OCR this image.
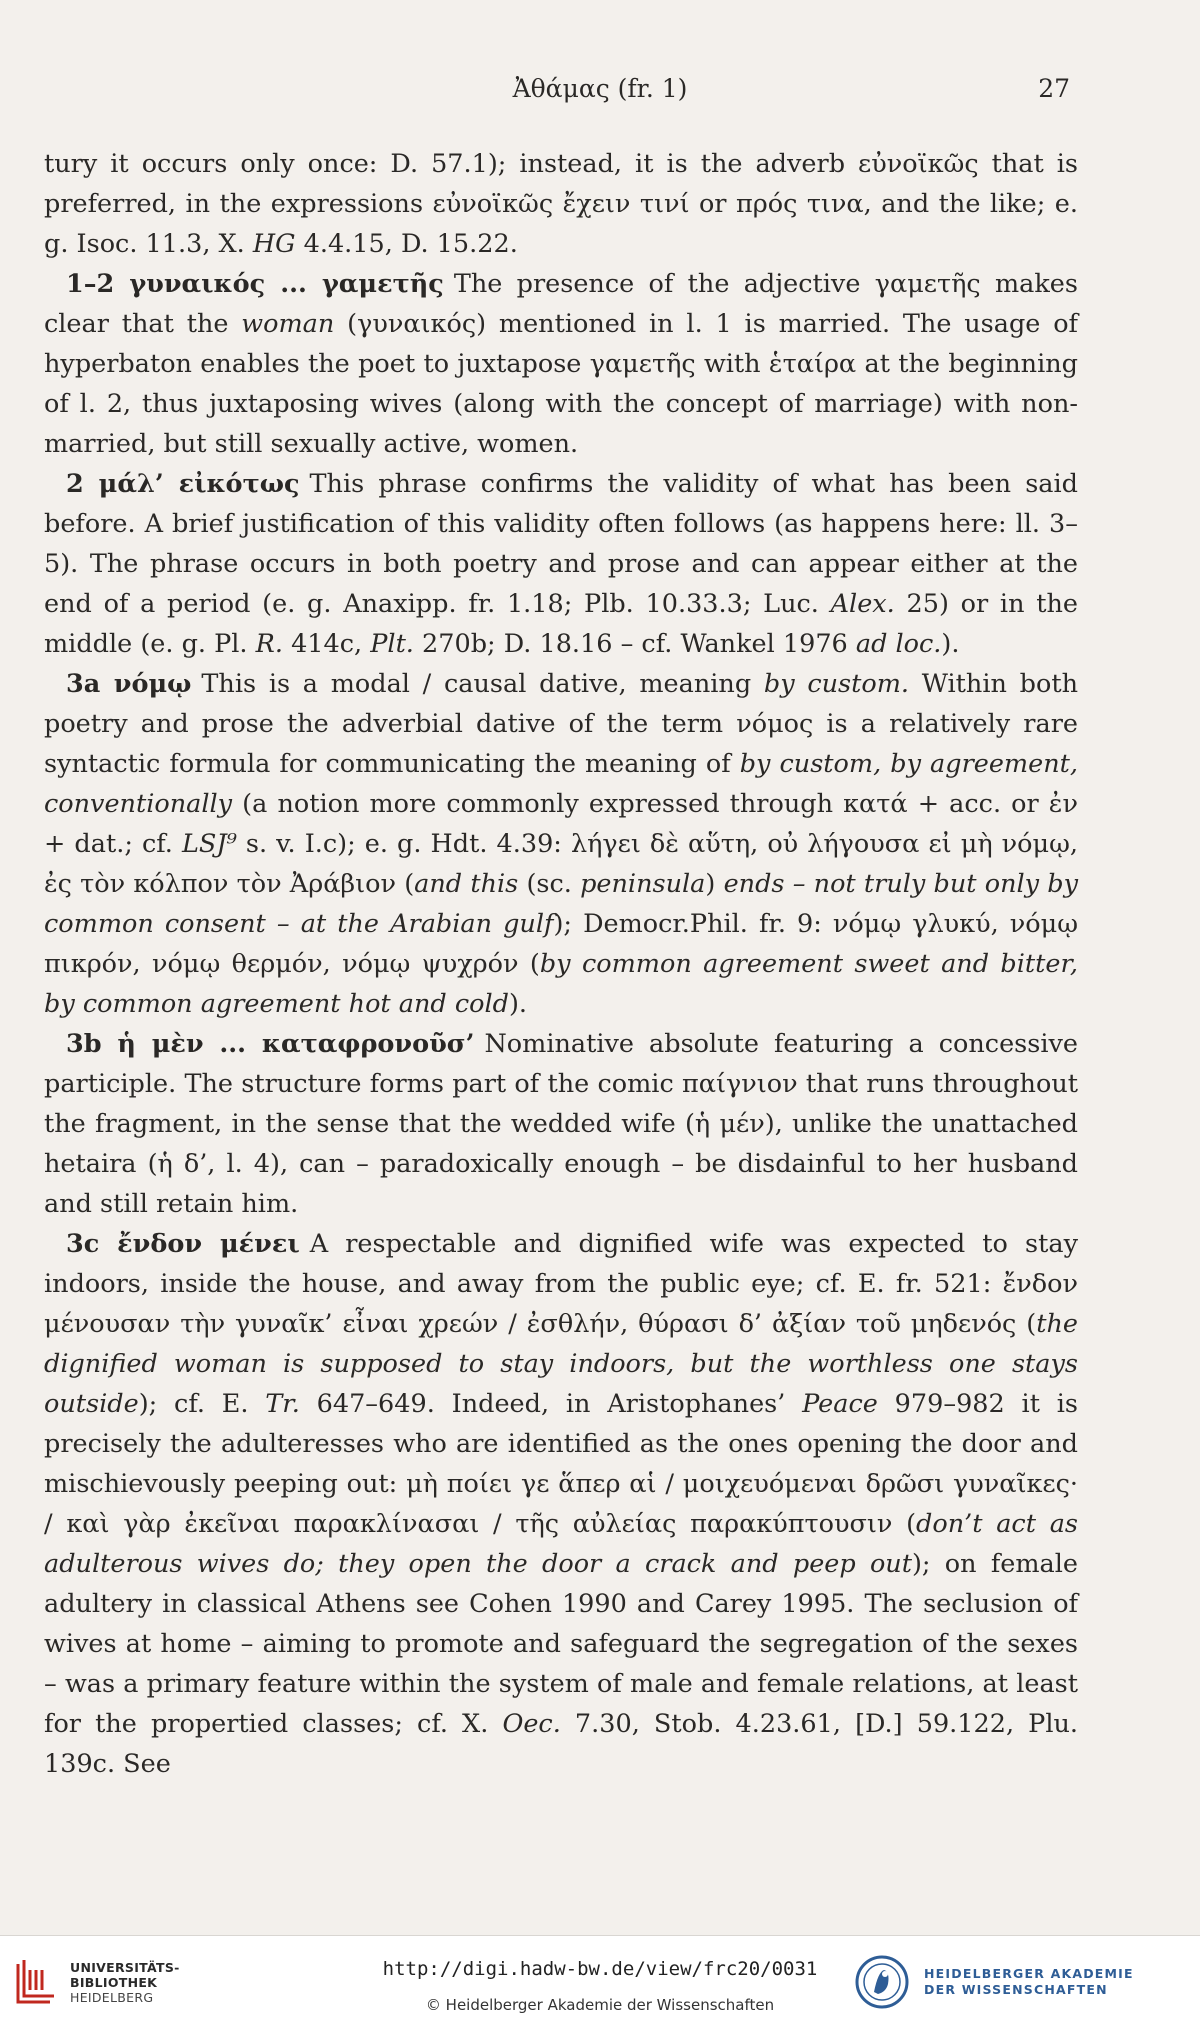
Ἀθάμας (fr. 1)	27

tury it occurs only once: D. 57.1); instead, it is the adverb εὐνοϊκῶς that is preferred, in the expressions εὐνοϊκῶς ἔχειν τινί or πρός τινα, and the like; e. g. Isoc. 11.3, X. HG 4.4.15, D. 15.22.

1–2 γυναικός ... γαμετῆς The presence of the adjective γαμετῆς makes clear that the woman (γυναικός) mentioned in l. 1 is married. The usage of hyperbaton enables the poet to juxtapose γαμετῆς with ἑταίρα at the beginning of l. 2, thus juxtaposing wives (along with the concept of marriage) with non-married, but still sexually active, women.

2 μάλ’ εἰκότως This phrase confirms the validity of what has been said before. A brief justification of this validity often follows (as happens here: ll. 3–5). The phrase occurs in both poetry and prose and can appear either at the end of a period (e. g. Anaxipp. fr. 1.18; Plb. 10.33.3; Luc. Alex. 25) or in the middle (e. g. Pl. R. 414c, Plt. 270b; D. 18.16 – cf. Wankel 1976 ad loc.).

3a νόμῳ This is a modal / causal dative, meaning by custom. Within both poetry and prose the adverbial dative of the term νόμος is a relatively rare syntactic formula for communicating the meaning of by custom, by agreement, conventionally (a notion more commonly expressed through κατά + acc. or ἐν + dat.; cf. LSJ⁹ s. v. I.c); e. g. Hdt. 4.39: λήγει δὲ αὕτη, οὐ λήγουσα εἰ μὴ νόμῳ, ἐς τὸν κόλπον τὸν Ἀράβιον (and this (sc. peninsula) ends – not truly but only by common consent – at the Arabian gulf); Democr.Phil. fr. 9: νόμῳ γλυκύ, νόμῳ πικρόν, νόμῳ θερμόν, νόμῳ ψυχρόν (by common agreement sweet and bitter, by common agreement hot and cold).

3b ἡ μὲν ... καταφρονοῦσ’ Nominative absolute featuring a concessive participle. The structure forms part of the comic παίγνιον that runs throughout the fragment, in the sense that the wedded wife (ἡ μέν), unlike the unattached hetaira (ἡ δ’, l. 4), can – paradoxically enough – be disdainful to her husband and still retain him.

3c ἔνδον μένει A respectable and dignified wife was expected to stay indoors, inside the house, and away from the public eye; cf. E. fr. 521: ἔνδον μένουσαν τὴν γυναῖκ’ εἶναι χρεών / ἐσθλήν, θύρασι δ’ ἀξίαν τοῦ μηδενός (the dignified woman is supposed to stay indoors, but the worthless one stays outside); cf. E. Tr. 647–649. Indeed, in Aristophanes’ Peace 979–982 it is precisely the adulteresses who are identified as the ones opening the door and mischievously peeping out: μὴ ποίει γε ἅπερ αἱ / μοιχευόμεναι δρῶσι γυναῖκες· / καὶ γὰρ ἐκεῖναι παρακλίνασαι / τῆς αὐλείας παρακύπτουσιν (don’t act as adulterous wives do; they open the door a crack and peep out); on female adultery in classical Athens see Cohen 1990 and Carey 1995. The seclusion of wives at home – aiming to promote and safeguard the segregation of the sexes – was a primary feature within the system of male and female relations, at least for the propertied classes; cf. X. Oec. 7.30, Stob. 4.23.61, [D.] 59.122, Plu. 139c. See

UNIVERSITÄTS-
BIBLIOTHEK
HEIDELBERG
http://digi.hadw-bw.de/view/frc20/0031
© Heidelberger Akademie der Wissenschaften
HEIDELBERGER AKADEMIE
DER WISSENSCHAFTEN
